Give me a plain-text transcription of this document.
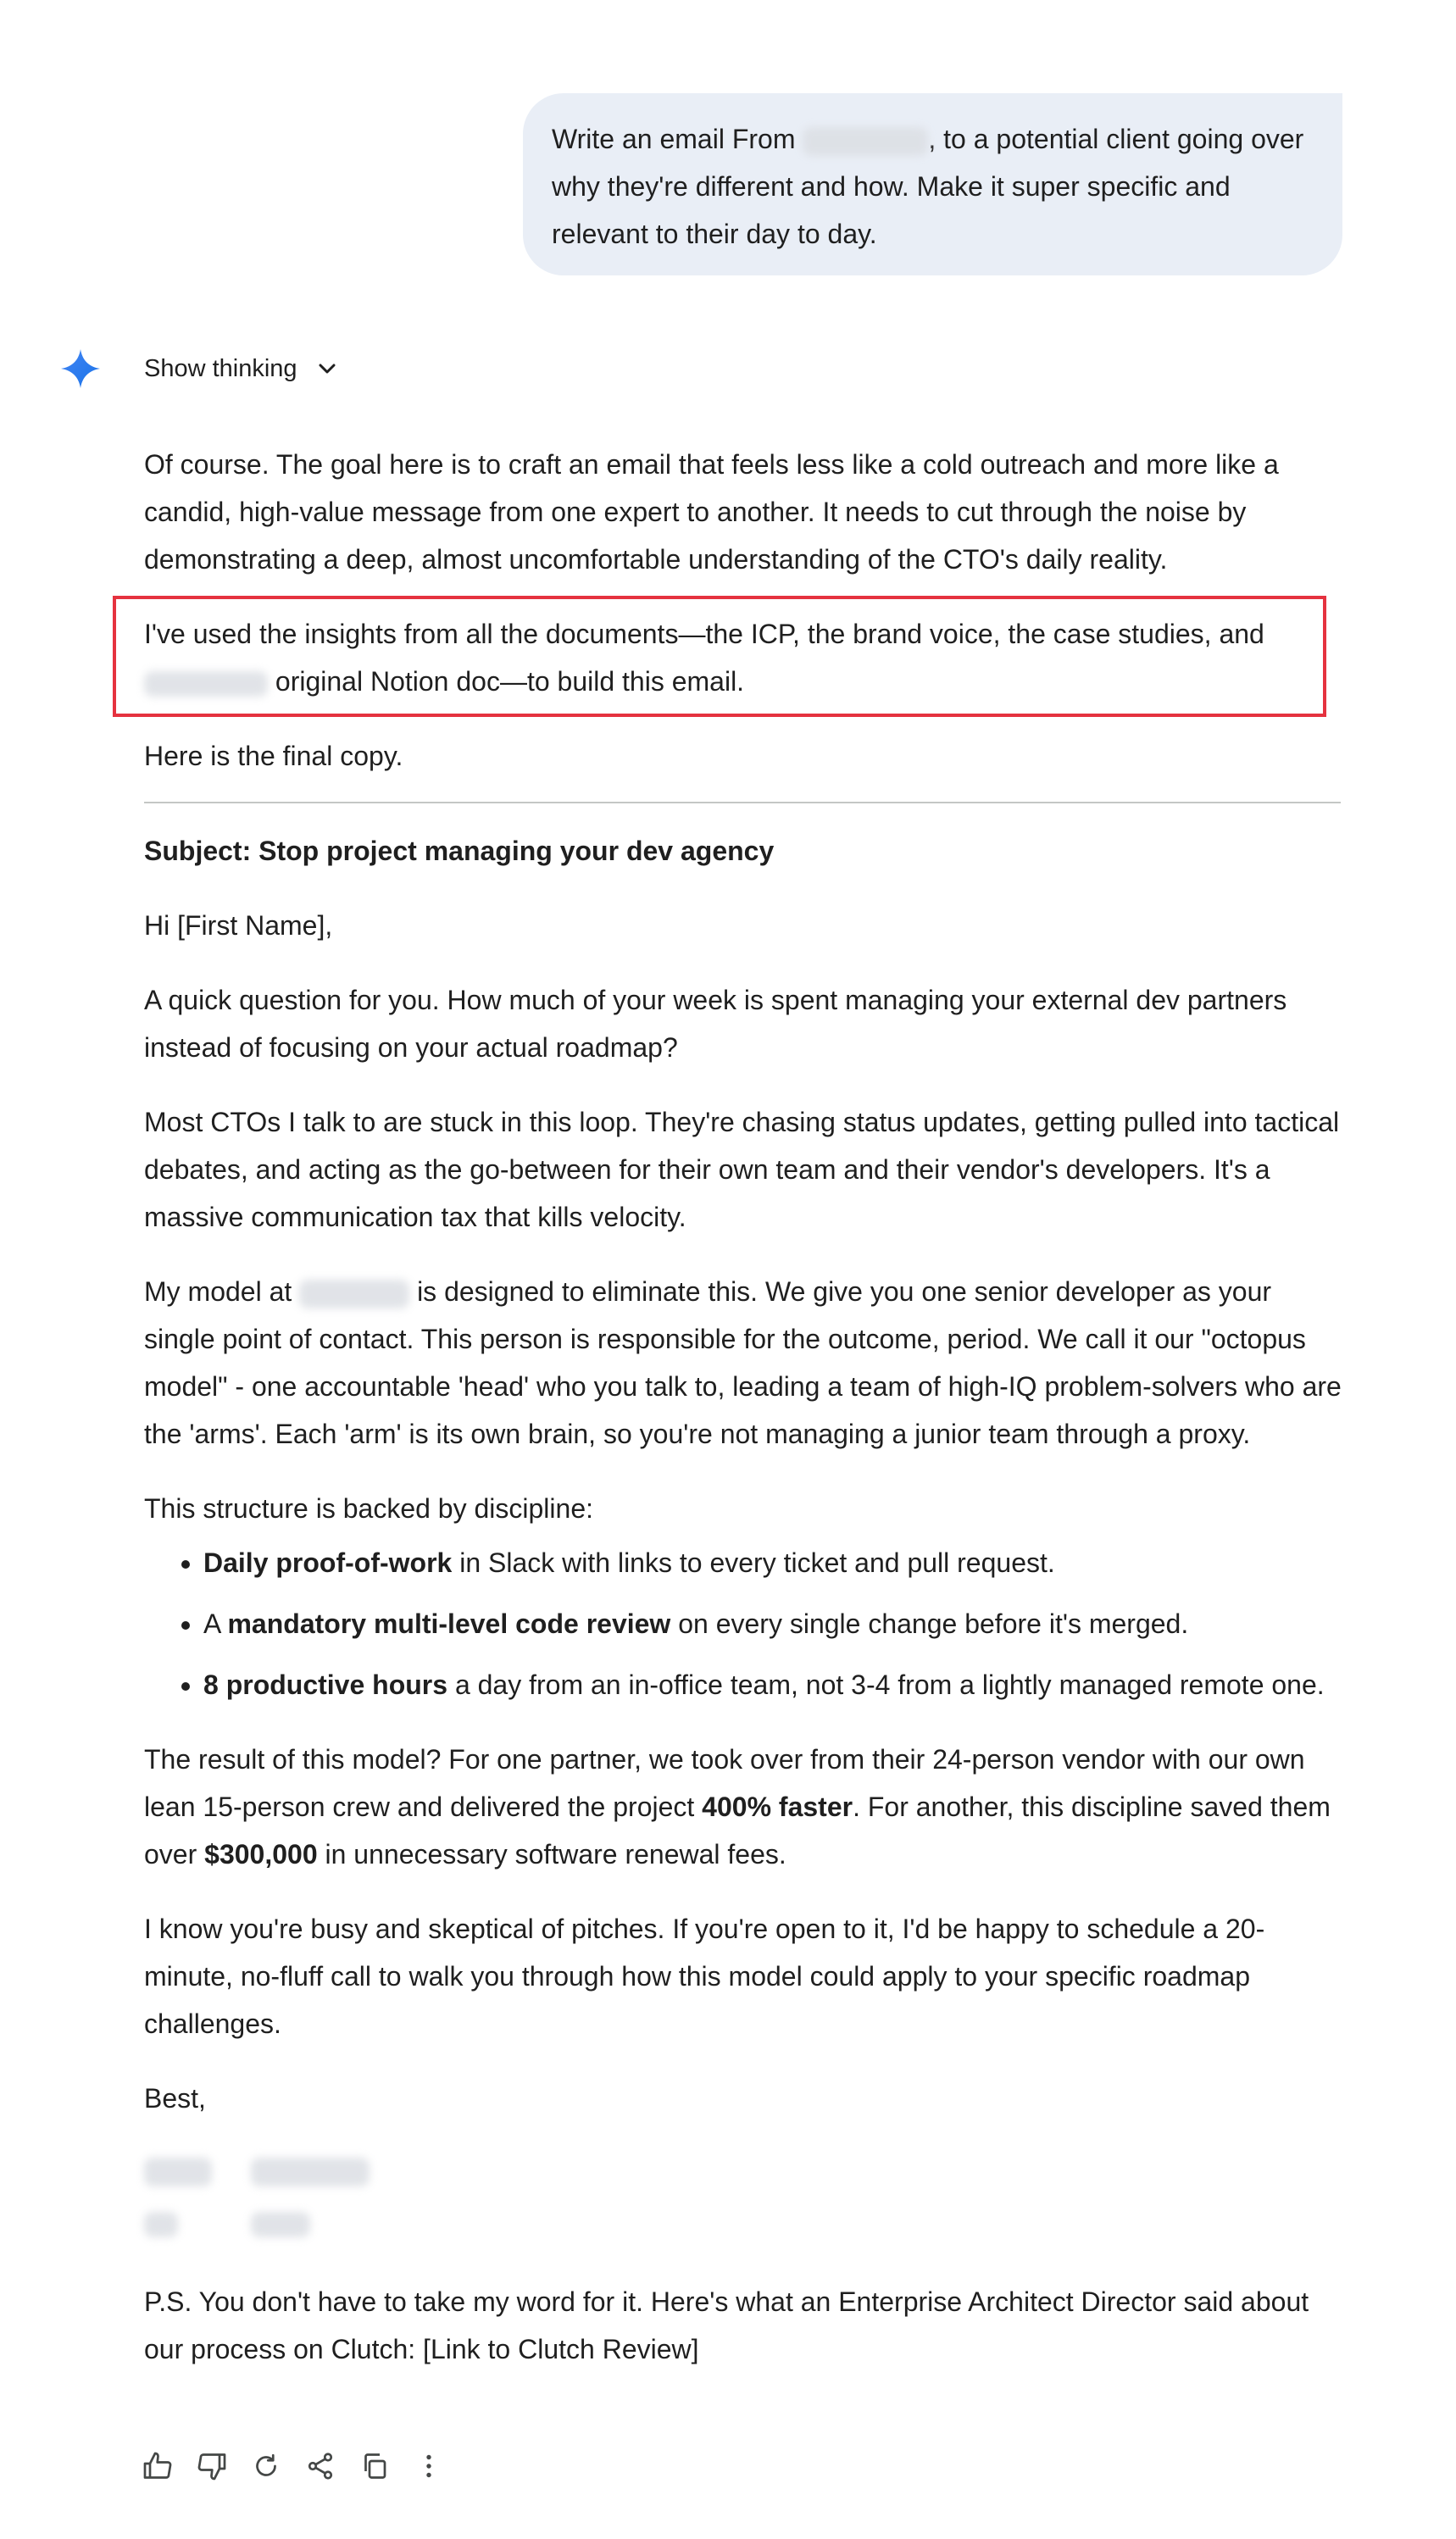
Write an email From	, to a potential client going over why they're different and how. Make it super specific and relevant to their day to day.
Show thinking

Of course. The goal here is to craft an email that feels less like a cold outreach and more like a candid, high-value message from one expert to another. It needs to cut through the noise by demonstrating a deep, almost uncomfortable understanding of the CTO's daily reality.

I've used the insights from all the documents—the ICP, the brand voice, the case studies, and  original Notion doc—to build this email.

Here is the final copy.

Subject: Stop project managing your dev agency

Hi [First Name],

A quick question for you. How much of your week is spent managing your external dev partners instead of focusing on your actual roadmap?

Most CTOs I talk to are stuck in this loop. They're chasing status updates, getting pulled into tactical debates, and acting as the go-between for their own team and their vendor's developers. It's a massive communication tax that kills velocity.

My model at	is designed to eliminate this. We give you one senior developer as your single point of contact. This person is responsible for the outcome, period. We call it our "octopus model" - one accountable 'head' who you talk to, leading a team of high-IQ problem-solvers who are the 'arms'. Each 'arm' is its own brain, so you're not managing a junior team through a proxy.

This structure is backed by discipline:

• Daily proof-of-work in Slack with links to every ticket and pull request.
• A mandatory multi-level code review on every single change before it's merged.
• 8 productive hours a day from an in-office team, not 3-4 from a lightly managed remote one.

The result of this model? For one partner, we took over from their 24-person vendor with our own lean 15-person crew and delivered the project 400% faster. For another, this discipline saved them over $300,000 in unnecessary software renewal fees.

I know you're busy and skeptical of pitches. If you're open to it, I'd be happy to schedule a 20-minute, no-fluff call to walk you through how this model could apply to your specific roadmap challenges.

Best,

P.S. You don't have to take my word for it. Here's what an Enterprise Architect Director said about our process on Clutch: [Link to Clutch Review]
